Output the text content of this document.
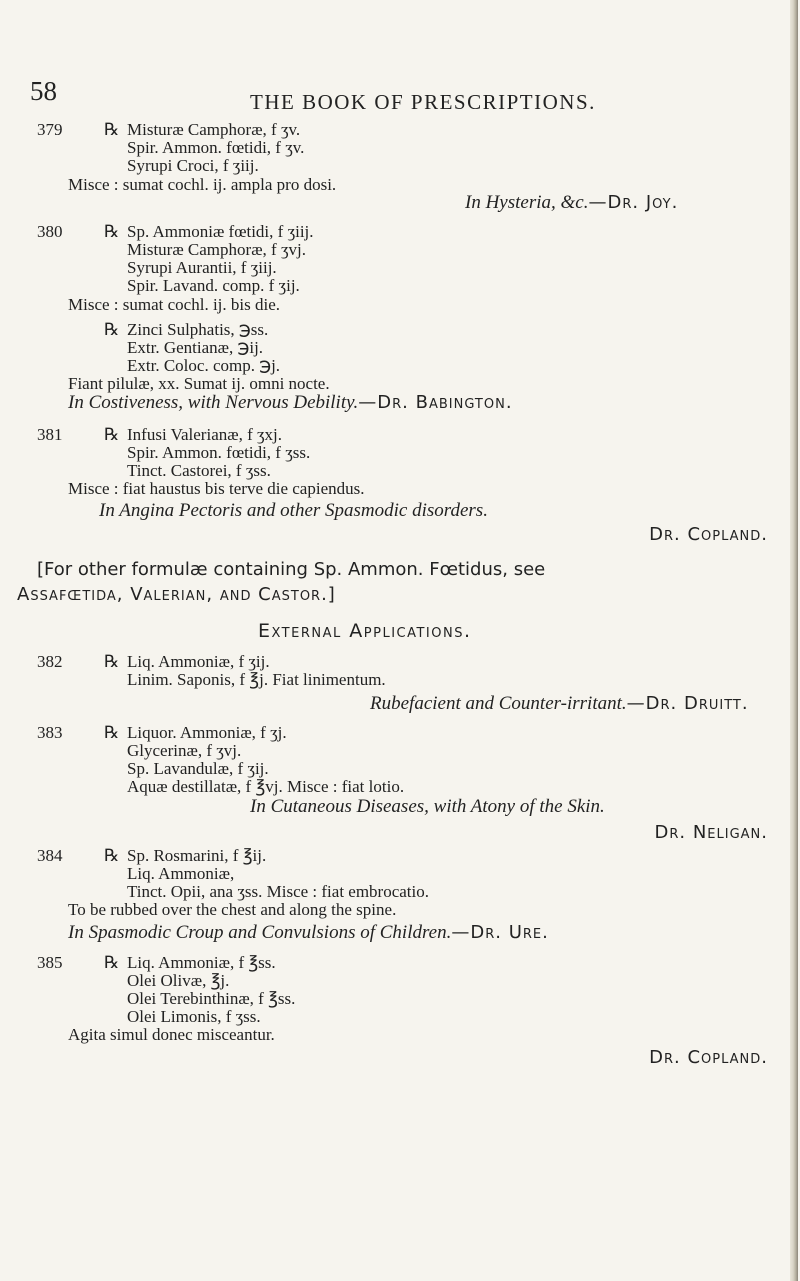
58	THE BOOK OF PRESCRIPTIONS.
379 ℞ Misturæ Camphoræ, f ʒv.
Spir. Ammon. fœtidi, f ʒv.
Syrupi Croci, f ʒiij.
Misce : sumat cochl. ij. ampla pro dosi.
In Hysteria, &c.—Dr. Joy.
380 ℞ Sp. Ammoniæ fœtidi, f ʒiij.
Misturæ Camphoræ, f ʒvj.
Syrupi Aurantii, f ʒiij.
Spir. Lavand. comp. f ʒij.
Misce : sumat cochl. ij. bis die.
℞ Zinci Sulphatis, ℈ss.
Extr. Gentianæ, ℈ij.
Extr. Coloc. comp. ℈j.
Fiant pilulæ, xx. Sumat ij. omni nocte.
In Costiveness, with Nervous Debility.—Dr. Babington.
381 ℞ Infusi Valerianæ, f ʒxj.
Spir. Ammon. fœtidi, f ʒss.
Tinct. Castorei, f ʒss.
Misce : fiat haustus bis terve die capiendus.
In Angina Pectoris and other Spasmodic disorders.
Dr. Copland.
[For other formulæ containing Sp. Ammon. Fœtidus, see
Assafœtida, Valerian, and Castor.]
External Applications.
382 ℞ Liq. Ammoniæ, f ʒij.
Linim. Saponis, f ℥j. Fiat linimentum.
Rubefacient and Counter-irritant.—Dr. Druitt.
383 ℞ Liquor. Ammoniæ, f ʒj.
Glycerinæ, f ʒvj.
Sp. Lavandulæ, f ʒij.
Aquæ destillatæ, f ℥vj. Misce : fiat lotio.
In Cutaneous Diseases, with Atony of the Skin.
Dr. Neligan.
384 ℞ Sp. Rosmarini, f ℥ij.
Liq. Ammoniæ,
Tinct. Opii, ana ʒss. Misce : fiat embrocatio.
To be rubbed over the chest and along the spine.
In Spasmodic Croup and Convulsions of Children.—Dr. Ure.
385 ℞ Liq. Ammoniæ, f ℥ss.
Olei Olivæ, ℥j.
Olei Terebinthinæ, f ℥ss.
Olei Limonis, f ʒss.
Agita simul donec misceantur.
Dr. Copland.
